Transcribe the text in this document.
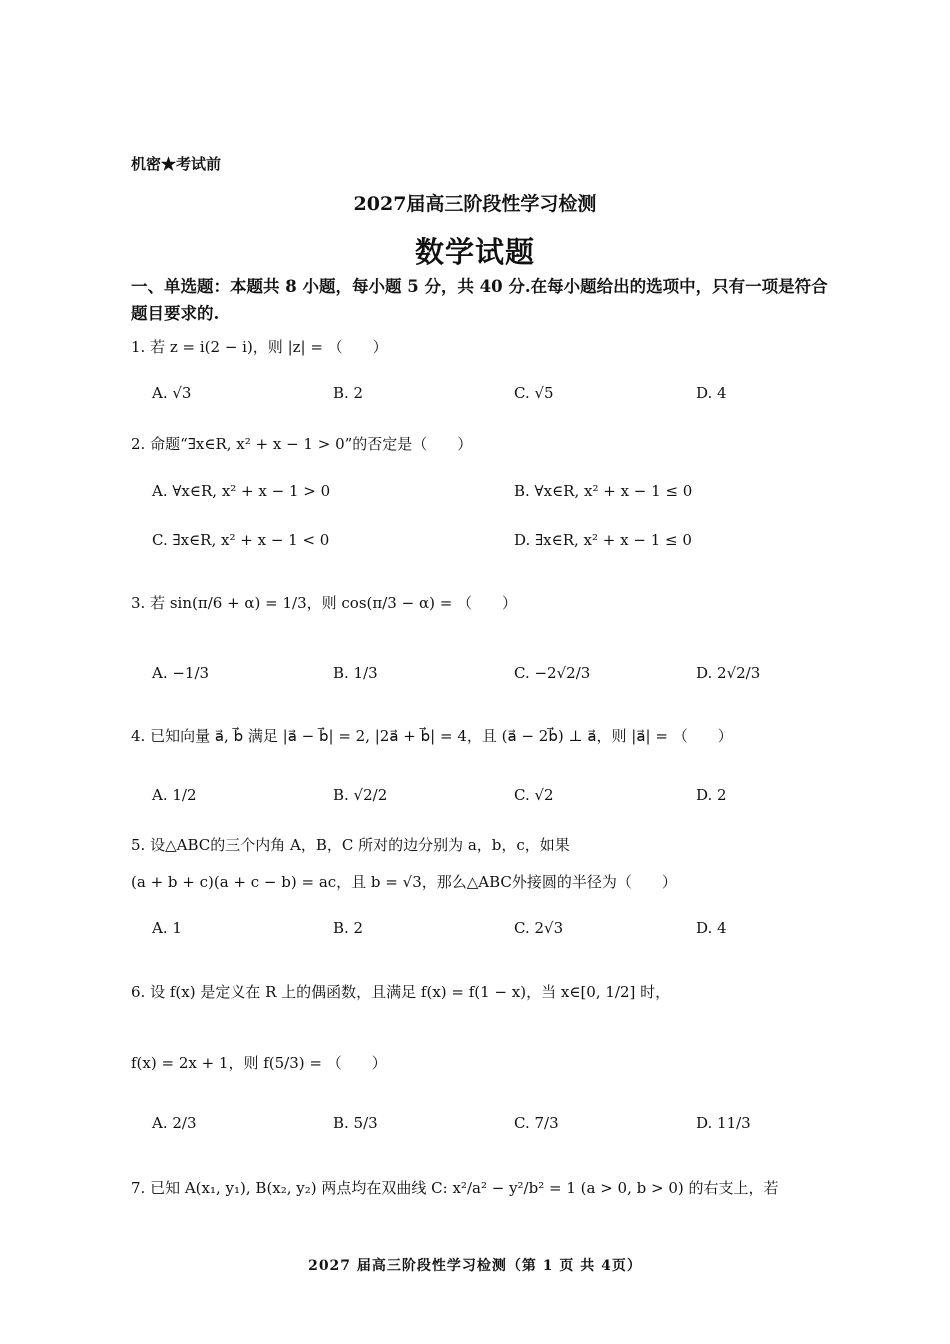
机密★考试前
2027届高三阶段性学习检测
数学试题
一、单选题：本题共 8 小题，每小题 5 分，共 40 分.在每小题给出的选项中，只有一项是符合题目要求的.
1. 若 z = i(2 − i)，则 |z| = （　　）
A. √3	B. 2	C. √5	D. 4
2. 命题“∃x∈R, x² + x − 1 > 0”的否定是（　　）
A. ∀x∈R, x² + x − 1 > 0	B. ∀x∈R, x² + x − 1 ≤ 0
C. ∃x∈R, x² + x − 1 < 0	D. ∃x∈R, x² + x − 1 ≤ 0
3. 若 sin(π/6 + α) = 1/3，则 cos(π/3 − α) = （　　）
A. −1/3	B. 1/3	C. −2√2/3	D. 2√2/3
4. 已知向量 a⃗, b⃗ 满足 |a⃗ − b⃗| = 2, |2a⃗ + b⃗| = 4，且 (a⃗ − 2b⃗) ⊥ a⃗，则 |a⃗| = （　　）
A. 1/2	B. √2/2	C. √2	D. 2
5. 设△ABC的三个内角 A，B，C 所对的边分别为 a，b，c，如果
(a + b + c)(a + c − b) = ac，且 b = √3，那么△ABC外接圆的半径为（　　）
A. 1	B. 2	C. 2√3	D. 4
6. 设 f(x) 是定义在 R 上的偶函数，且满足 f(x) = f(1 − x)，当 x∈[0, 1/2] 时，
f(x) = 2x + 1，则 f(5/3) = （　　）
A. 2/3	B. 5/3	C. 7/3	D. 11/3
7. 已知 A(x₁, y₁), B(x₂, y₂) 两点均在双曲线 C: x²/a² − y²/b² = 1 (a > 0, b > 0) 的右支上，若
2027 届高三阶段性学习检测（第 1 页 共 4页）
